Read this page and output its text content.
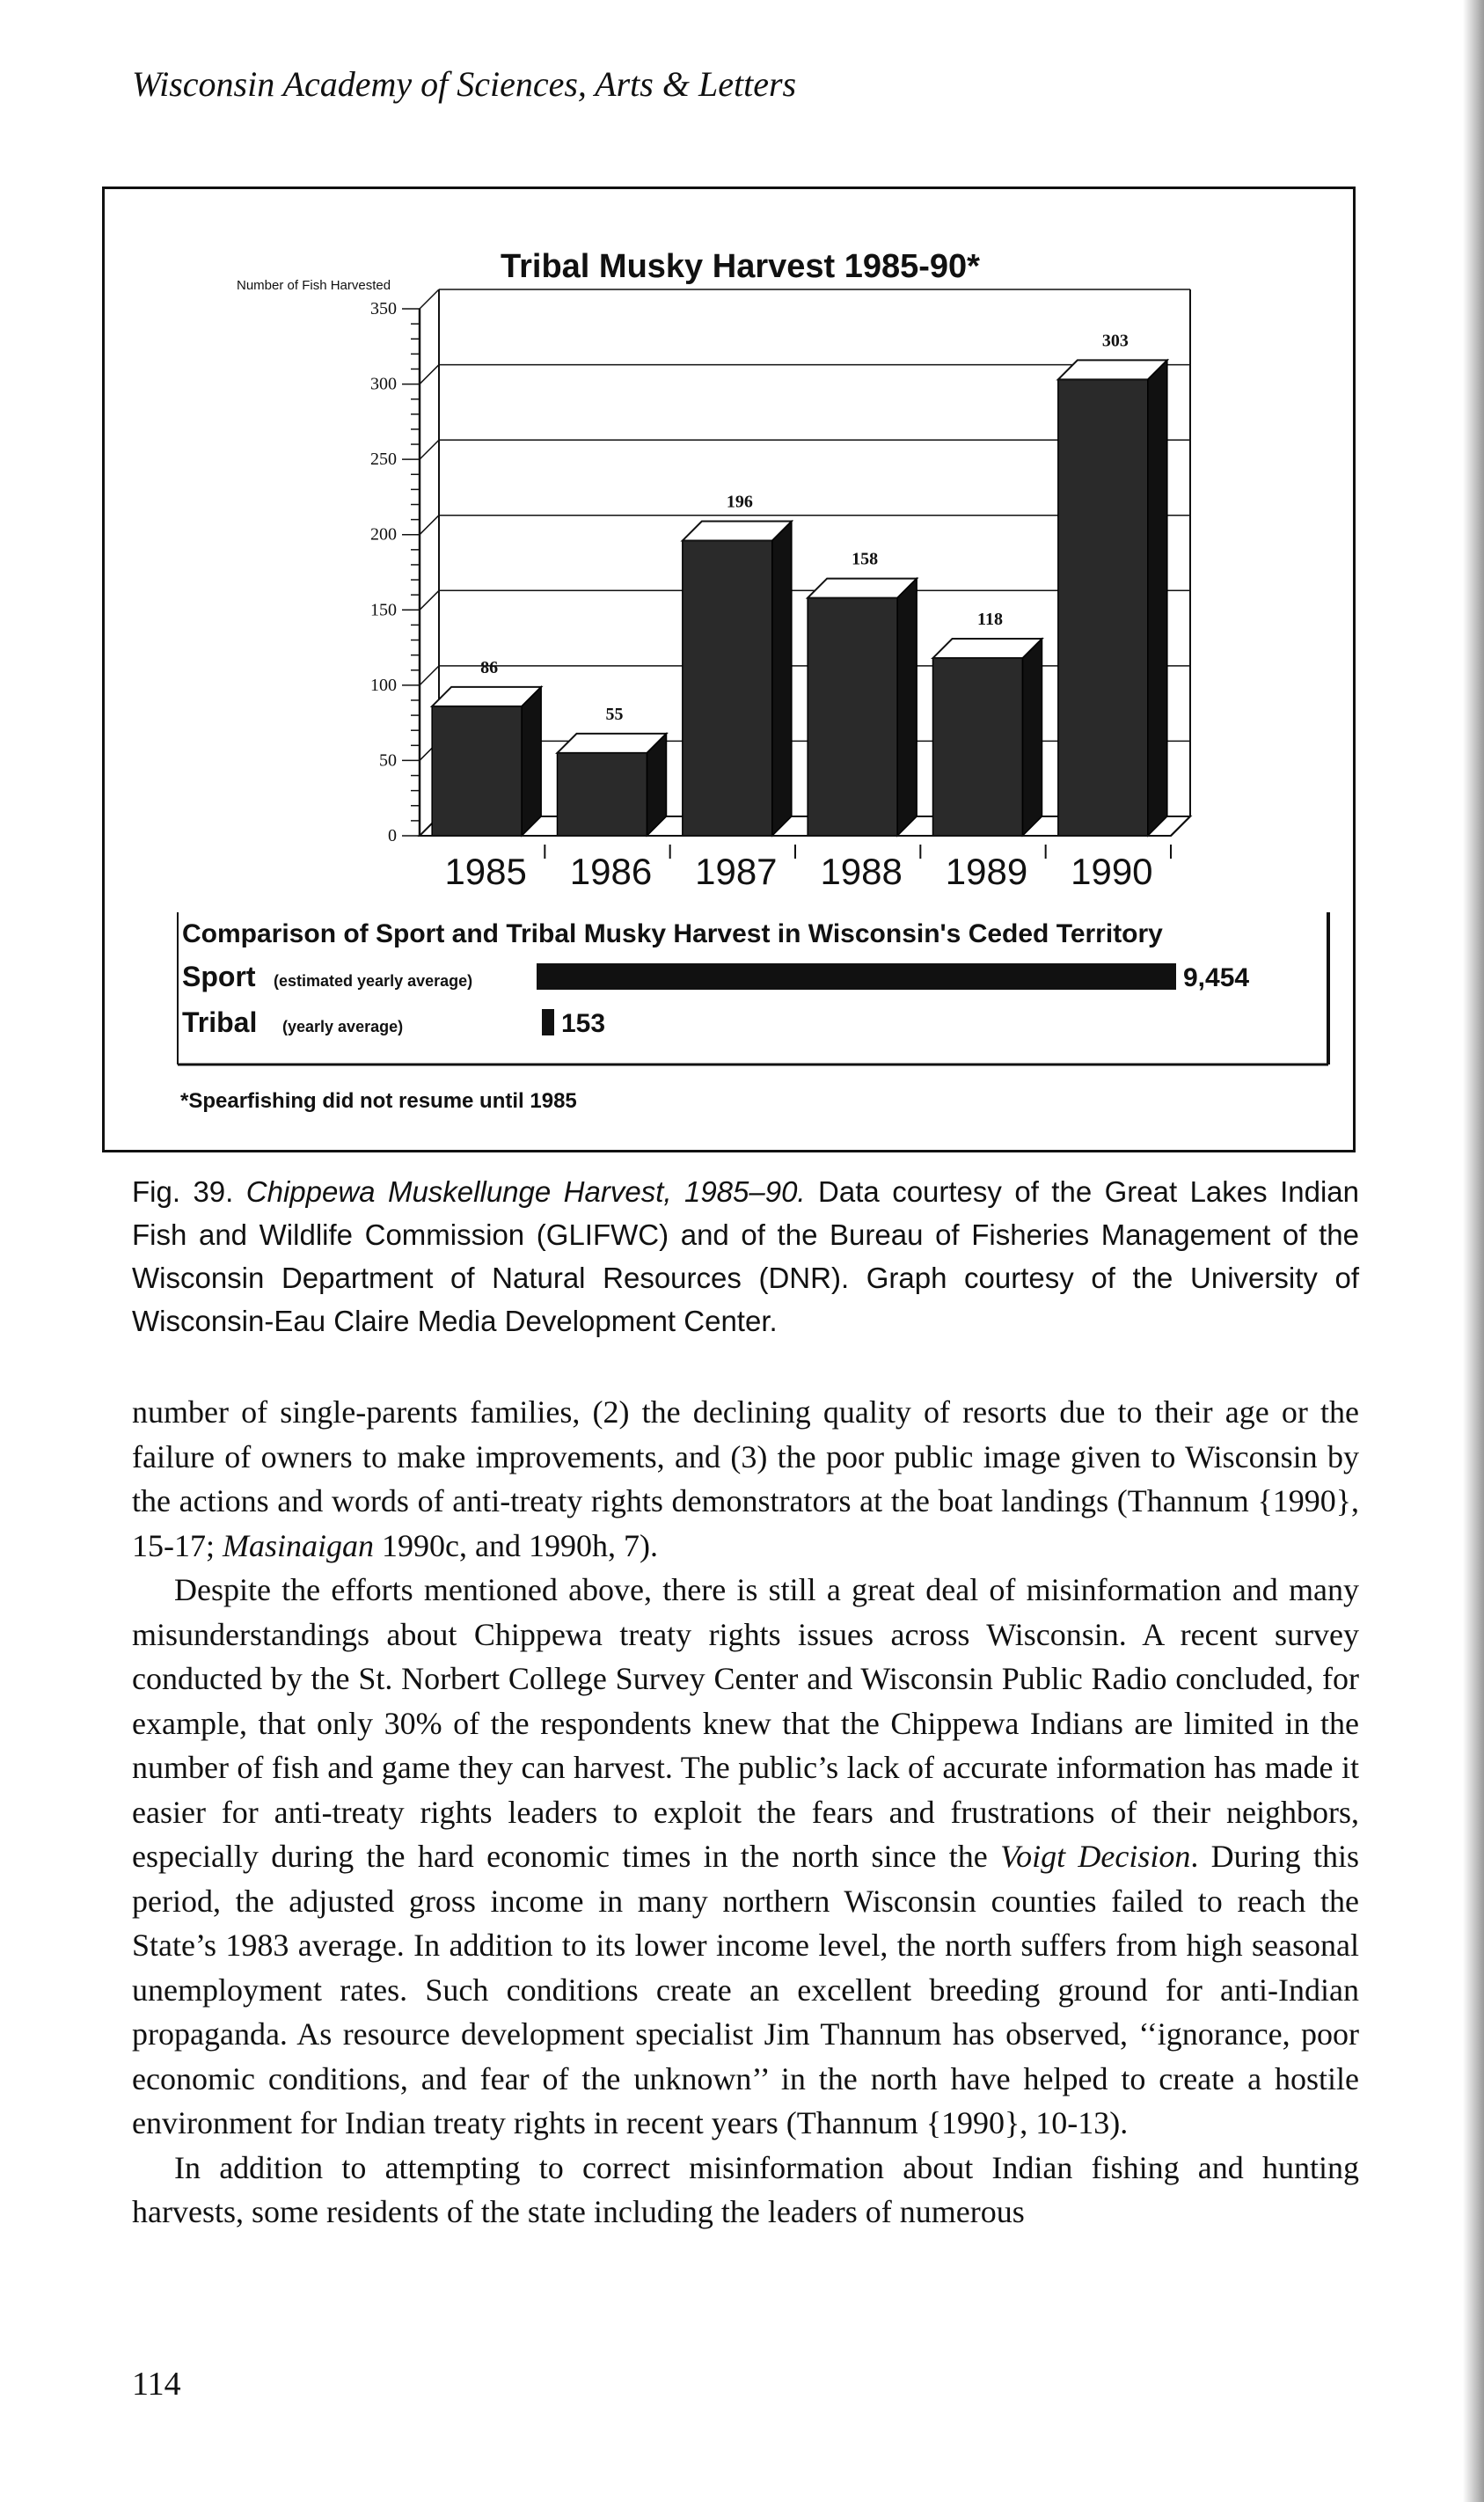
Wisconsin Academy of Sciences, Arts & Letters
0
50
100
150
200
250
300
350
Number of Fish Harvested
Tribal Musky Harvest 1985-90*
86
1985
55
1986
196
1987
158
1988
118
1989
303
1990
Comparison of Sport and Tribal Musky Harvest in Wisconsin's Ceded Territory
Sport (estimated yearly average)	9,454
Tribal (yearly average)	153
*Spearfishing did not resume until 1985
Fig. 39. Chippewa Muskellunge Harvest, 1985–90. Data courtesy of the Great Lakes Indian Fish and Wildlife Commission (GLIFWC) and of the Bureau of Fisheries Management of the Wisconsin Department of Natural Resources (DNR). Graph courtesy of the University of Wisconsin-Eau Claire Media Development Center.

number of single-parents families, (2) the declining quality of resorts due to their age or the failure of owners to make improvements, and (3) the poor public image given to Wisconsin by the actions and words of anti-treaty rights demonstrators at the boat landings (Thannum {1990}, 15-17; Masinaigan 1990c, and 1990h, 7).

Despite the efforts mentioned above, there is still a great deal of misinformation and many misunderstandings about Chippewa treaty rights issues across Wisconsin. A recent survey conducted by the St. Norbert College Survey Center and Wisconsin Public Radio concluded, for example, that only 30% of the respondents knew that the Chippewa Indians are limited in the number of fish and game they can harvest. The public’s lack of accurate information has made it easier for anti-treaty rights leaders to exploit the fears and frustrations of their neighbors, especially during the hard economic times in the north since the Voigt Decision. During this period, the adjusted gross income in many northern Wisconsin counties failed to reach the State’s 1983 average. In addition to its lower income level, the north suffers from high seasonal unemployment rates. Such conditions create an excellent breeding ground for anti-Indian propaganda. As resource development specialist Jim Thannum has observed, ‘‘ignorance, poor economic conditions, and fear of the unknown’’ in the north have helped to create a hostile environment for Indian treaty rights in recent years (Thannum {1990}, 10-13).

In addition to attempting to correct misinformation about Indian fishing and hunting harvests, some residents of the state including the leaders of numerous

114
